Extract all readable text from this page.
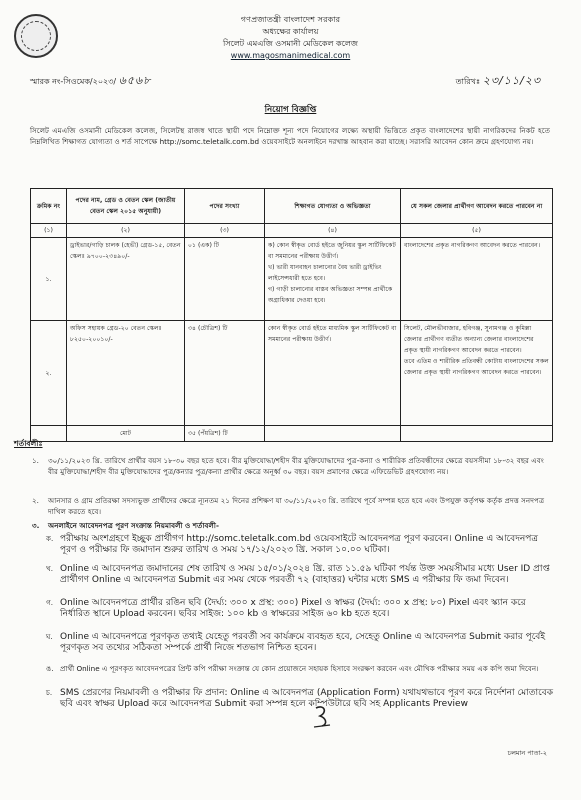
গণপ্রজাতন্ত্রী বাংলাদেশ সরকার
অধ্যক্ষের কার্যালয়
সিলেট এমএজি ওসমানী মেডিকেল কলেজ
www.magosmanimedical.com
স্মারক নং-সিওমেক/২০২৩/ ৬৫৬৮	তারিখঃ ২৩/১১/২৩
নিয়োগ বিজ্ঞপ্তি
সিলেট এমএজি ওসমানী মেডিকেল কলেজ, সিলেটস্থ রাজস্ব খাতে স্থায়ী পদে নিম্নোক্ত শূন্য পদে নিয়োগের লক্ষ্যে অস্থায়ী ভিত্তিতে প্রকৃত বাংলাদেশের স্থায়ী নাগরিকদের নিকট হতে নিম্নলিখিত শিক্ষাগত যোগ্যতা ও শর্ত সাপেক্ষে http://somc.teletalk.com.bd ওয়েবসাইটে অনলাইনে দরখাস্ত আহবান করা যাচ্ছে। সরাসরি আবেদন কোন ক্রমে গ্রহণযোগ্য নয়।
ক্রমিক নং	পদের নাম, গ্রেড ও বেতন স্কেল (জাতীয় বেতন স্কেল ২০১৫ অনুযায়ী)	পদের সংখ্যা	শিক্ষাগত যোগ্যতা ও অভিজ্ঞতা	যে সকল জেলার প্রার্থীগণ আবেদন করতে পারবেন না
(১)	(২)	(৩)	(৪)	(৫)
১.	ড্রাইভার/গাড়ি চালক (হেভী) গ্রেড-১৫, বেতন স্কেলঃ ৯৭০০-২৩৪৯০/-	০১ (এক) টি	ক) কোন স্বীকৃত বোর্ড হইতে জুনিয়র স্কুল সার্টিফিকেট বা সমমানের পরীক্ষায় উত্তীর্ণ।
খ) ভারী যানবাহন চালানোর বৈধ ভারী ড্রাইভিং লাইসেন্সধারী হতে হবে।
গ) গাড়ী চালানোর বাস্তব অভিজ্ঞতা সম্পন্ন প্রার্থীকে অগ্রাধিকার দেওয়া হবে।	বাংলাদেশের প্রকৃত নাগরিকগণ আবেদন করতে পারবেন।
২.	অফিস সহায়ক গ্রেড-২০ বেতন স্কেলঃ ৮২৫০-২০০১০/-	৩৪ (চৌত্রিশ) টি	কোন স্বীকৃত বোর্ড হইতে মাধ্যমিক স্কুল সার্টিফিকেট বা সমমানের পরীক্ষায় উত্তীর্ণ।	সিলেট, মৌলভীবাজার, হবিগঞ্জ, সুনামগঞ্জ ও কুমিল্লা জেলার প্রার্থীগণ ব্যতীত অন্যান্য জেলার বাংলাদেশের প্রকৃত স্থায়ী নাগরিকগণ আবেদন করতে পারবেন।
তবে এতিম ও শারীরিক প্রতিবন্ধী কোটায় বাংলাদেশের সকল জেলার প্রকৃত স্থায়ী নাগরিকগণ আবেদন করতে পারবেন।

	মোট	৩৫ (পঁয়ত্রিশ) টি		
শর্তাবলীঃ
১.	৩০/১১/২০২৩ খ্রি. তারিখে প্রার্থীর বয়স ১৮-৩০ বছর হতে হবে। বীর মুক্তিযোদ্ধা/শহীদ বীর মুক্তিযোদ্ধাদের পুত্র-কন্যা ও শারীরিক প্রতিবন্ধীদের ক্ষেত্রে বয়সসীমা ১৮-৩২ বছর এবং বীর মুক্তিযোদ্ধা/শহীদ বীর মুক্তিযোদ্ধাদের পুত্র/কন্যার পুত্র/কন্যা প্রার্থীর ক্ষেত্রে অনূর্ধ্ব ৩০ বছর। বয়স প্রমাণের ক্ষেত্রে এফিডেভিট গ্রহণযোগ্য নয়।
২.	আনসার ও গ্রাম প্রতিরক্ষা সদস্যভুক্ত প্রার্থীদের ক্ষেত্রে ন্যূনতম ২১ দিনের প্রশিক্ষণ যা ৩০/১১/২০২৩ খ্রি. তারিখে পূর্বে সম্পন্ন হতে হবে এবং উপযুক্ত কর্তৃপক্ষ কর্তৃক প্রদত্ত সনদপত্র দাখিল করতে হবে।
৩.	অনলাইনে আবেদনপত্র পূরণ সংক্রান্ত নিয়মাবলী ও শর্তাবলী-
ক. পরীক্ষায় অংশগ্রহণে ইচ্ছুক প্রার্থীগণ http://somc.teletalk.com.bd ওয়েবসাইটে আবেদনপত্র পূরণ করবেন। Online এ আবেদনপত্র পূরণ ও পরীক্ষার ফি জমাদান শুরুর তারিখ ও সময় ১৭/১২/২০২৩ খ্রি. সকাল ১০.০০ ঘটিকা।
খ. Online এ আবেদনপত্র জমাদানের শেষ তারিখ ও সময় ১৫/০১/২০২৪ খ্রি. রাত ১১.৫৯ ঘটিকা পর্যন্ত উক্ত সময়সীমার মধ্যে User ID প্রাপ্ত প্রার্থীগণ Online এ আবেদনপত্র Submit এর সময় থেকে পরবর্তী ৭২ (বাহাত্তর) ঘন্টার মধ্যে SMS এ পরীক্ষার ফি জমা দিবেন।
গ. Online আবেদনপত্রে প্রার্থীর রঙিন ছবি (দৈর্ঘ্য: ৩০০ x প্রস্থ: ৩০০) Pixel ও স্বাক্ষর (দৈর্ঘ্য: ৩০০ x প্রস্থ: ৮০) Pixel এবং স্ক্যান করে নির্ধারিত স্থানে Upload করবেন। ছবির সাইজ: ১০০ kb ও স্বাক্ষরের সাইজ ৬০ kb হতে হবে।
ঘ. Online এ আবেদনপত্রে পূরণকৃত তথ্যই যেহেতু পরবর্তী সব কার্যক্রমে ব্যবহৃত হবে, সেহেতু Online এ আবেদনপত্র Submit করার পূর্বেই পূরণকৃত সব তথ্যের সঠিকতা সম্পর্কে প্রার্থী নিজে শতভাগ নিশ্চিত হবেন।
ঙ. প্রার্থী Online এ পূরণকৃত আবেদনপত্রের প্রিন্ট কপি পরীক্ষা সংক্রান্ত যে কোন প্রয়োজনে সহায়ক হিসাবে সংরক্ষণ করবেন এবং মৌখিক পরীক্ষার সময় এক কপি জমা দিবেন।
চ. SMS প্রেরণের নিয়মাবলী ও পরীক্ষার ফি প্রদান: Online এ আবেদনপত্র (Application Form) যথাযথভাবে পূরণ করে নির্দেশনা মোতাবেক ছবি এবং স্বাক্ষর Upload করে আবেদনপত্র Submit করা সম্পন্ন হলে কম্পিউটারে ছবি সহ Applicants Preview
চলমান পাতা-২
